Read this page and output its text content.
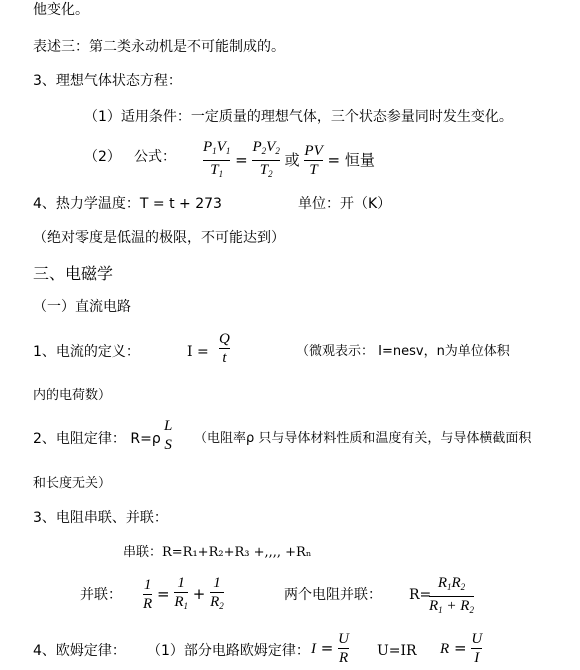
他变化。
表述三：第二类永动机是不可能制成的。
3、理想气体状态方程：
（1）适用条件：一定质量的理想气体，三个状态参量同时发生变化。
（2） 公式： $\frac{P_1V_1}{T_1} = \frac{P_2V_2}{T_2}$ 或 $\frac{PV}{T}$ = 恒量
4、热力学温度：T = t + 273	单位：开（K）
（绝对零度是低温的极限，不可能达到）
三、电磁学
（一）直流电路
1、电流的定义：	$I = \frac{Q}{t}$	（微观表示： I=nesv，n为单位体积
内的电荷数）
2、电阻定律： $R=\rho \frac{L}{S}$ （电阻率ρ 只与导体材料性质和温度有关，与导体横截面积
和长度无关）
3、电阻串联、并联：
串联：R=R₁+R₂+R₃ +,,,, +Rₙ
并联： $\frac{1}{R} = \frac{1}{R_1} + \frac{1}{R_2}$	两个电阻并联： R=
$\frac{R_1R_2}{R_1 + R_2}$
4、欧姆定律： （1）部分电路欧姆定律： $I = \frac{U}{R} U=IR$ $R = \frac{U}{I}$
